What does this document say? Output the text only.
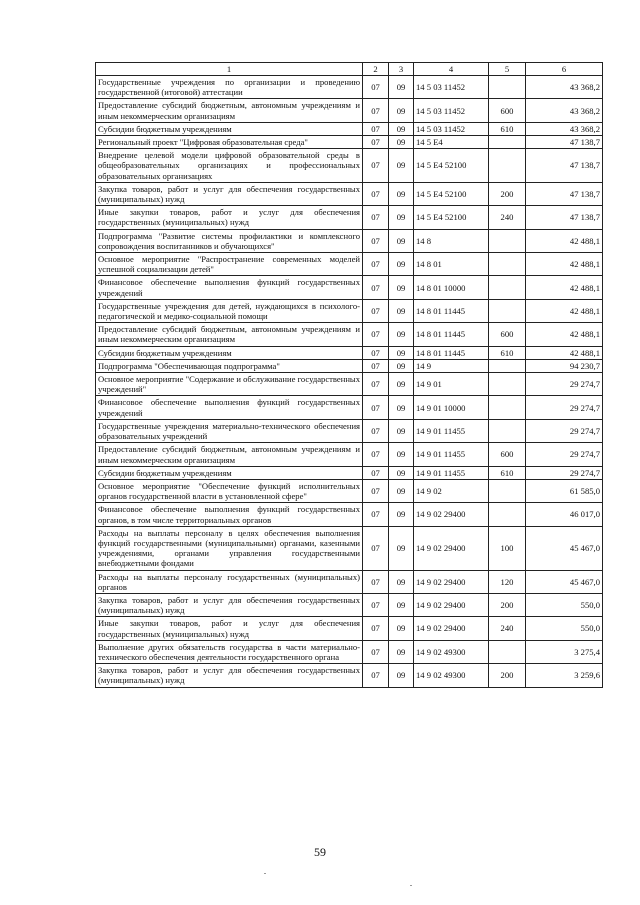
1	2	3	4	5	6
Государственные учреждения по организации и проведению государственной (итоговой) аттестации	07	09	14 5 03 11452		43 368,2
Предоставление субсидий бюджетным, автономным учреждениям и иным некоммерческим организациям	07	09	14 5 03 11452	600	43 368,2
Субсидии бюджетным учреждениям	07	09	14 5 03 11452	610	43 368,2
Региональный проект "Цифровая образовательная среда"	07	09	14 5 E4		47 138,7
Внедрение целевой модели цифровой образовательной среды в общеобразовательных организациях и профессиональных образовательных организациях	07	09	14 5 E4 52100		47 138,7
Закупка товаров, работ и услуг для обеспечения государственных (муниципальных) нужд	07	09	14 5 E4 52100	200	47 138,7
Иные закупки товаров, работ и услуг для обеспечения государственных (муниципальных) нужд	07	09	14 5 E4 52100	240	47 138,7
Подпрограмма "Развитие системы профилактики и комплексного сопровождения воспитанников и обучающихся"	07	09	14 8		42 488,1
Основное мероприятие "Распространение современных моделей успешной социализации детей"	07	09	14 8 01		42 488,1
Финансовое обеспечение выполнения функций государственных учреждений	07	09	14 8 01 10000		42 488,1
Государственные учреждения для детей, нуждающихся в психолого-педагогической и медико-социальной помощи	07	09	14 8 01 11445		42 488,1
Предоставление субсидий бюджетным, автономным учреждениям и иным некоммерческим организациям	07	09	14 8 01 11445	600	42 488,1
Субсидии бюджетным учреждениям	07	09	14 8 01 11445	610	42 488,1
Подпрограмма "Обеспечивающая подпрограмма"	07	09	14 9		94 230,7
Основное мероприятие "Содержание и обслуживание государственных учреждений"	07	09	14 9 01		29 274,7
Финансовое обеспечение выполнения функций государственных учреждений	07	09	14 9 01 10000		29 274,7
Государственные учреждения материально-технического обеспечения образовательных учреждений	07	09	14 9 01 11455		29 274,7
Предоставление субсидий бюджетным, автономным учреждениям и иным некоммерческим организациям	07	09	14 9 01 11455	600	29 274,7
Субсидии бюджетным учреждениям	07	09	14 9 01 11455	610	29 274,7
Основное мероприятие "Обеспечение функций исполнительных органов государственной власти в установленной сфере"	07	09	14 9 02		61 585,0
Финансовое обеспечение выполнения функций государственных органов, в том числе территориальных органов	07	09	14 9 02 29400		46 017,0
Расходы на выплаты персоналу в целях обеспечения выполнения функций государственными (муниципальными) органами, казенными учреждениями, органами управления государственными внебюджетными фондами	07	09	14 9 02 29400	100	45 467,0
Расходы на выплаты персоналу государственных (муниципальных) органов	07	09	14 9 02 29400	120	45 467,0
Закупка товаров, работ и услуг для обеспечения государственных (муниципальных) нужд	07	09	14 9 02 29400	200	550,0
Иные закупки товаров, работ и услуг для обеспечения государственных (муниципальных) нужд	07	09	14 9 02 29400	240	550,0
Выполнение других обязательств государства в части материально-технического обеспечения деятельности государственного органа	07	09	14 9 02 49300		3 275,4
Закупка товаров, работ и услуг для обеспечения государственных (муниципальных) нужд	07	09	14 9 02 49300	200	3 259,6
59
